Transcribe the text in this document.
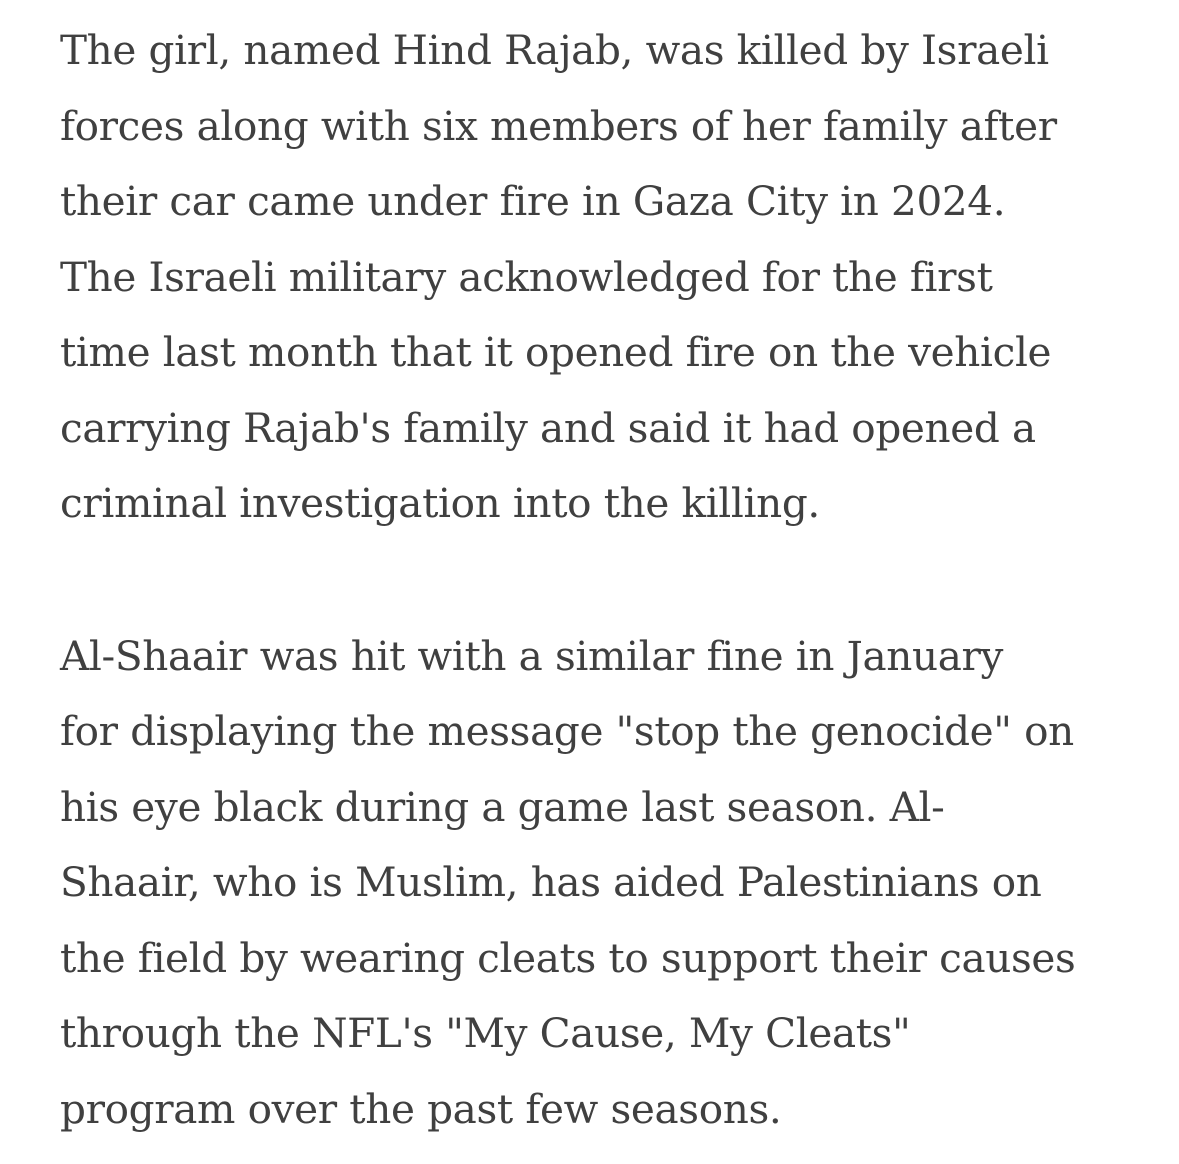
The girl, named Hind Rajab, was killed by Israeli
forces along with six members of her family after
their car came under fire in Gaza City in 2024.
The Israeli military acknowledged for the first
time last month that it opened fire on the vehicle
carrying Rajab's family and said it had opened a
criminal investigation into the killing.

Al-Shaair was hit with a similar fine in January
for displaying the message "stop the genocide" on
his eye black during a game last season. Al-
Shaair, who is Muslim, has aided Palestinians on
the field by wearing cleats to support their causes
through the NFL's "My Cause, My Cleats"
program over the past few seasons.
